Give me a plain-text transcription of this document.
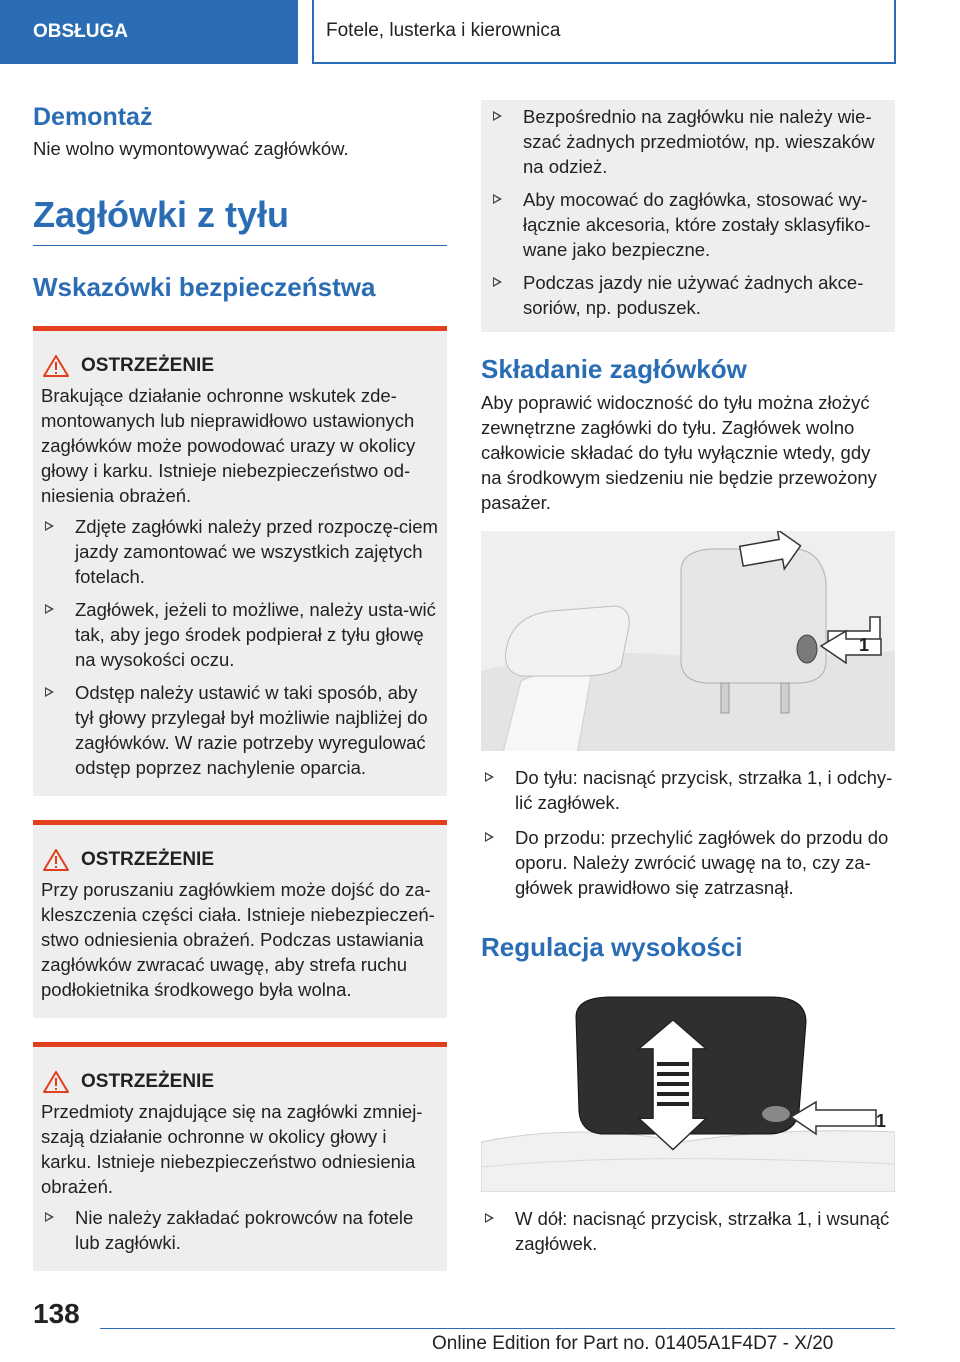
OBSŁUGA	Fotele, lusterka i kierownica

Demontaż

Nie wolno wymontowywać zagłówków.

Zagłówki z tyłu

Wskazówki bezpieczeństwa

OSTRZEŻENIE

Brakujące działanie ochronne wskutek zde-montowanych lub nieprawidłowo ustawionych zagłówków może powodować urazy w okolicy głowy i karku. Istnieje niebezpieczeństwo od-niesienia obrażeń.

Zdjęte zagłówki należy przed rozpoczę-ciem jazdy zamontować we wszystkich zajętych fotelach.
Zagłówek, jeżeli to możliwe, należy usta-wić tak, aby jego środek podpierał z tyłu głowę na wysokości oczu.
Odstęp należy ustawić w taki sposób, aby tył głowy przylegał był możliwie najbliżej do zagłówków. W razie potrzeby wyregulować odstęp poprzez nachylenie oparcia.
OSTRZEŻENIE

Przy poruszaniu zagłówkiem może dojść do za-kleszczenia części ciała. Istnieje niebezpieczeń-stwo odniesienia obrażeń. Podczas ustawiania zagłówków zwracać uwagę, aby strefa ruchu podłokietnika środkowego była wolna.

OSTRZEŻENIE

Przedmioty znajdujące się na zagłówki zmniej-szają działanie ochronne w okolicy głowy i karku. Istnieje niebezpieczeństwo odniesienia obrażeń.

Nie należy zakładać pokrowców na fotele lub zagłówki.
Bezpośrednio na zagłówku nie należy wie-szać żadnych przedmiotów, np. wieszaków na odzież.
Aby mocować do zagłówka, stosować wy-łącznie akcesoria, które zostały sklasyfiko-wane jako bezpieczne.
Podczas jazdy nie używać żadnych akce-soriów, np. poduszek.

Składanie zagłówków

Aby poprawić widoczność do tyłu można złożyć zewnętrzne zagłówki do tyłu. Zagłówek wolno całkowicie składać do tyłu wyłącznie wtedy, gdy na środkowym siedzeniu nie będzie przewożony pasażer.

1
Do tyłu: nacisnąć przycisk, strzałka 1, i odchy-lić zagłówek.
Do przodu: przechylić zagłówek do przodu do oporu. Należy zwrócić uwagę na to, czy za-główek prawidłowo się zatrzasnął.

Regulacja wysokości

1
W dół: nacisnąć przycisk, strzałka 1, i wsunąć zagłówek.
138
Online Edition for Part no. 01405A1F4D7 - X/20
